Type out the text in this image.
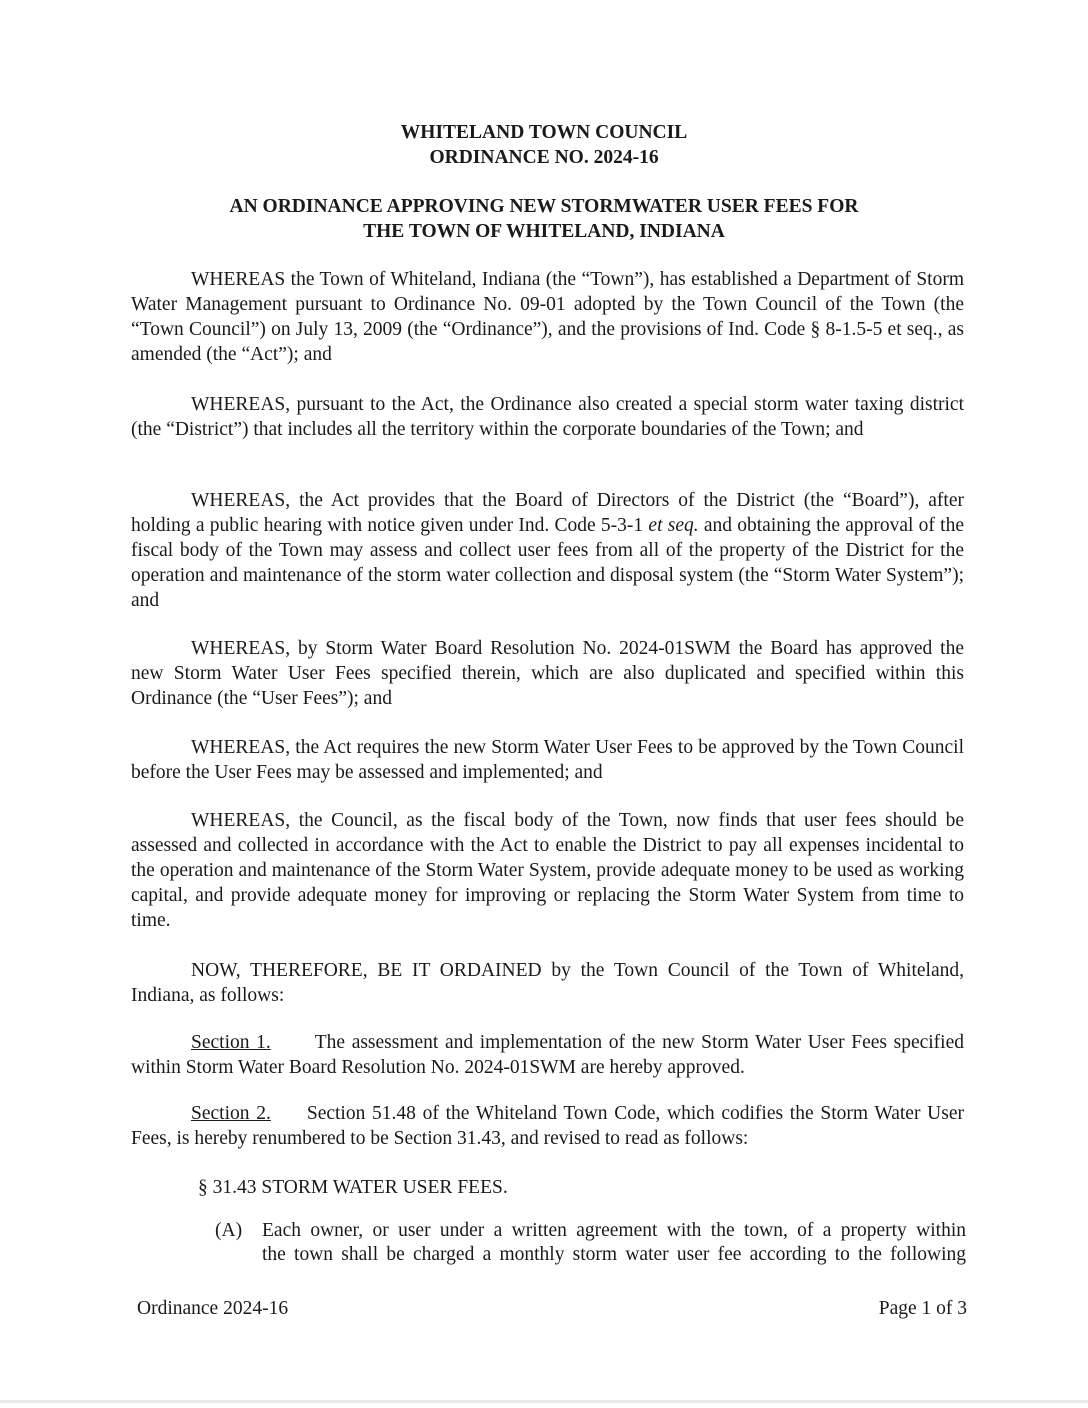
WHITELAND TOWN COUNCIL
ORDINANCE NO. 2024-16
AN ORDINANCE APPROVING NEW STORMWATER USER FEES FOR
THE TOWN OF WHITELAND, INDIANA
WHEREAS the Town of Whiteland, Indiana (the “Town”), has established a Department of Storm Water Management pursuant to Ordinance No. 09-01 adopted by the Town Council of the Town (the “Town Council”) on July 13, 2009 (the “Ordinance”), and the provisions of Ind. Code § 8-1.5-5 et seq., as amended (the “Act”); and
WHEREAS, pursuant to the Act, the Ordinance also created a special storm water taxing district (the “District”) that includes all the territory within the corporate boundaries of the Town; and
WHEREAS, the Act provides that the Board of Directors of the District (the “Board”), after holding a public hearing with notice given under Ind. Code 5-3-1 et seq. and obtaining the approval of the fiscal body of the Town may assess and collect user fees from all of the property of the District for the operation and maintenance of the storm water collection and disposal system (the “Storm Water System”); and
WHEREAS, by Storm Water Board Resolution No. 2024-01SWM the Board has approved the new Storm Water User Fees specified therein, which are also duplicated and specified within this Ordinance (the “User Fees”); and
WHEREAS, the Act requires the new Storm Water User Fees to be approved by the Town Council before the User Fees may be assessed and implemented; and
WHEREAS, the Council, as the fiscal body of the Town, now finds that user fees should be assessed and collected in accordance with the Act to enable the District to pay all expenses incidental to the operation and maintenance of the Storm Water System, provide adequate money to be used as working capital, and provide adequate money for improving or replacing the Storm Water System from time to time.
NOW, THEREFORE, BE IT ORDAINED by the Town Council of the Town of Whiteland, Indiana, as follows:
Section 1. The assessment and implementation of the new Storm Water User Fees specified within Storm Water Board Resolution No. 2024-01SWM are hereby approved.
Section 2. Section 51.48 of the Whiteland Town Code, which codifies the Storm Water User Fees, is hereby renumbered to be Section 31.43, and revised to read as follows:
§ 31.43 STORM WATER USER FEES.
(A) Each owner, or user under a written agreement with the town, of a property within
the town shall be charged a monthly storm water user fee according to the following
Ordinance 2024-16	Page 1 of 3
